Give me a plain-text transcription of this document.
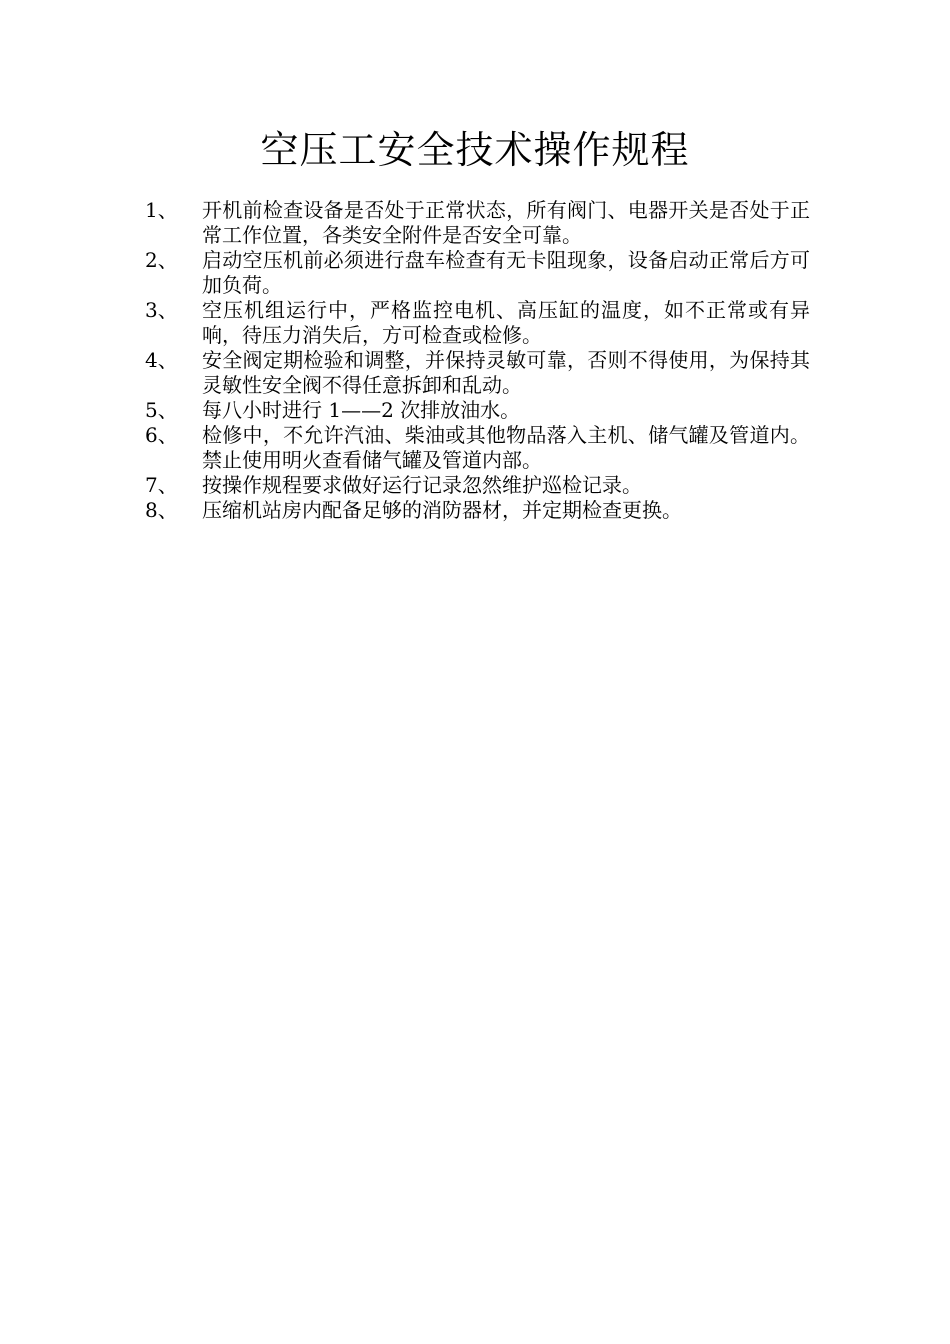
空压工安全技术操作规程
1、	开机前检查设备是否处于正常状态，所有阀门、电器开关是否处于正常工作位置，各类安全附件是否安全可靠。
2、	启动空压机前必须进行盘车检查有无卡阻现象，设备启动正常后方可加负荷。
3、	空压机组运行中，严格监控电机、高压缸的温度，如不正常或有异响，待压力消失后，方可检查或检修。
4、	安全阀定期检验和调整，并保持灵敏可靠，否则不得使用，为保持其灵敏性安全阀不得任意拆卸和乱动。
5、	每八小时进行 1——2 次排放油水。
6、	检修中，不允许汽油、柴油或其他物品落入主机、储气罐及管道内。禁止使用明火查看储气罐及管道内部。
7、	按操作规程要求做好运行记录忽然维护巡检记录。
8、	压缩机站房内配备足够的消防器材，并定期检查更换。
